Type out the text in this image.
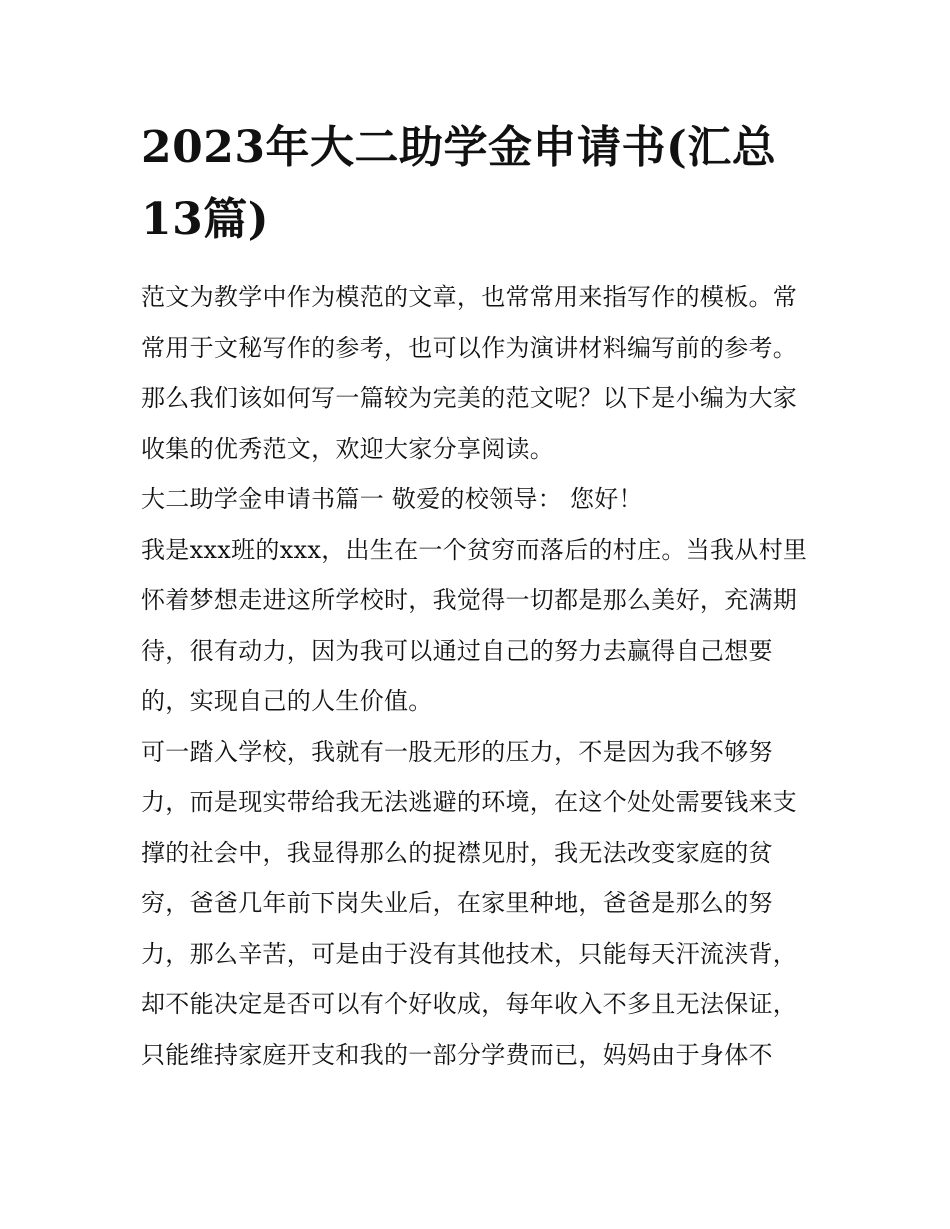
2023年大二助学金申请书(汇总13篇)

范文为教学中作为模范的文章，也常常用来指写作的模板。常常用于文秘写作的参考，也可以作为演讲材料编写前的参考。那么我们该如何写一篇较为完美的范文呢？以下是小编为大家收集的优秀范文，欢迎大家分享阅读。

大二助学金申请书篇一 敬爱的校领导： 您好！

我是xxx班的xxx，出生在一个贫穷而落后的村庄。当我从村里怀着梦想走进这所学校时，我觉得一切都是那么美好，充满期待，很有动力，因为我可以通过自己的努力去赢得自己想要的，实现自己的人生价值。

可一踏入学校，我就有一股无形的压力，不是因为我不够努力，而是现实带给我无法逃避的环境，在这个处处需要钱来支撑的社会中，我显得那么的捉襟见肘，我无法改变家庭的贫穷，爸爸几年前下岗失业后，在家里种地，爸爸是那么的努力，那么辛苦，可是由于没有其他技术，只能每天汗流浃背，却不能决定是否可以有个好收成，每年收入不多且无法保证，只能维持家庭开支和我的一部分学费而已，妈妈由于身体不
